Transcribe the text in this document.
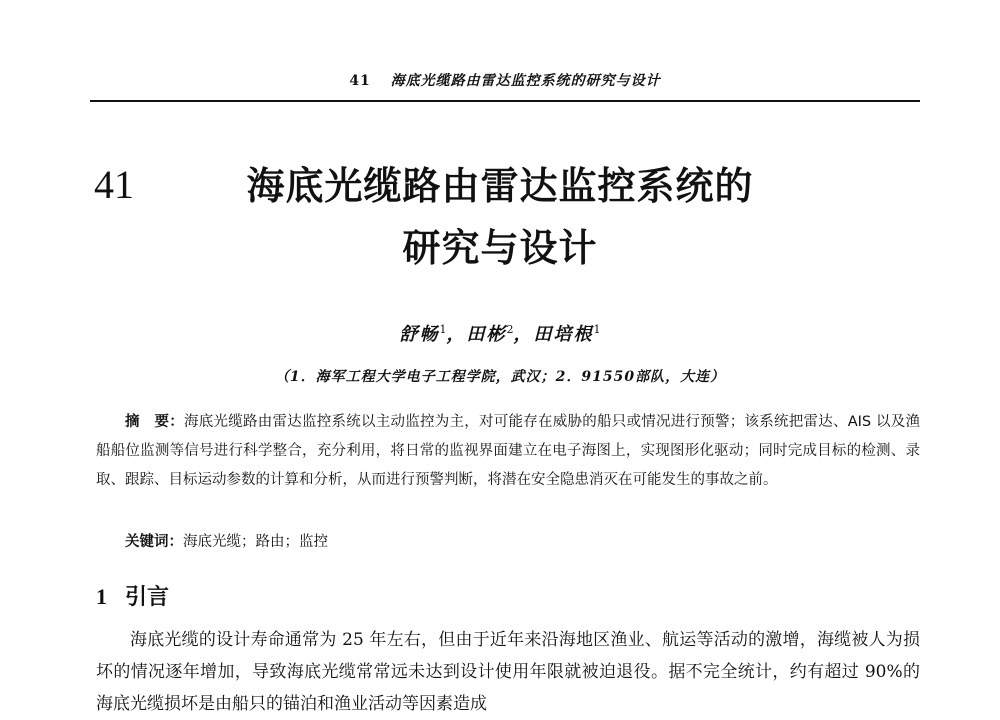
41 海底光缆路由雷达监控系统的研究与设计
41	海底光缆路由雷达监控系统的
研究与设计
舒畅$^1$，田彬$^2$，田培根$^1$
（1．海军工程大学电子工程学院，武汉；2．91550部队，大连）
摘　要：海底光缆路由雷达监控系统以主动监控为主，对可能存在威胁的船只或情况进行预警；该系统把雷达、AIS 以及渔船船位监测等信号进行科学整合，充分利用，将日常的监视界面建立在电子海图上，实现图形化驱动；同时完成目标的检测、录取、跟踪、目标运动参数的计算和分析，从而进行预警判断，将潜在安全隐患消灭在可能发生的事故之前。
关键词：海底光缆；路由；监控
1 引言
海底光缆的设计寿命通常为 25 年左右，但由于近年来沿海地区渔业、航运等活动的激增，海缆被人为损坏的情况逐年增加，导致海底光缆常常远未达到设计使用年限就被迫退役。据不完全统计，约有超过 90%的海底光缆损坏是由船只的锚泊和渔业活动等因素造成
